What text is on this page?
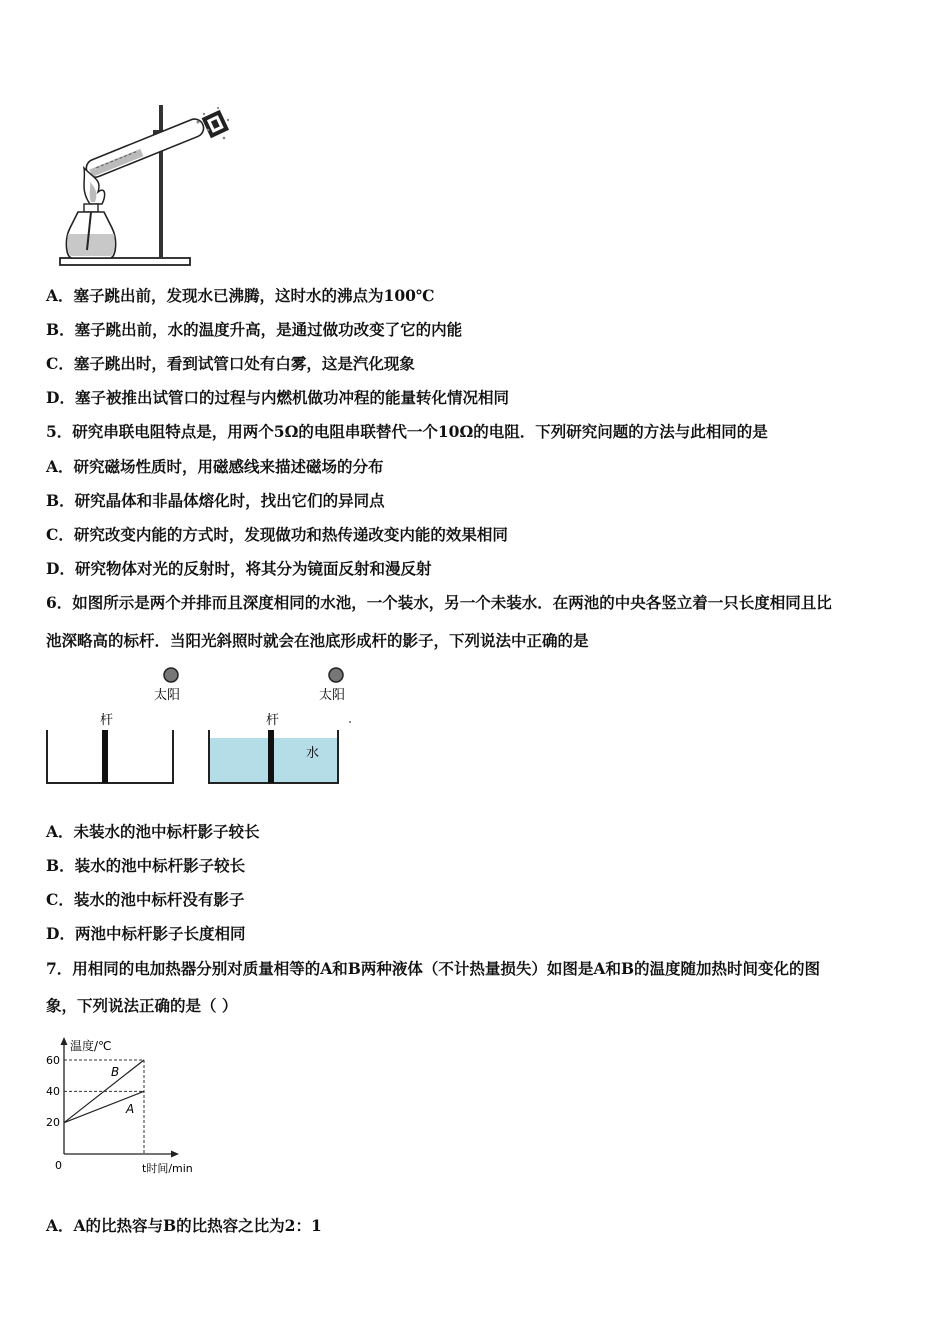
A．塞子跳出前，发现水已沸腾，这时水的沸点为100℃
B．塞子跳出前，水的温度升高，是通过做功改变了它的内能
C．塞子跳出时，看到试管口处有白雾，这是汽化现象
D．塞子被推出试管口的过程与内燃机做功冲程的能量转化情况相同
5．研究串联电阻特点是，用两个5Ω的电阻串联替代一个10Ω的电阻．下列研究问题的方法与此相同的是
A．研究磁场性质时，用磁感线来描述磁场的分布
B．研究晶体和非晶体熔化时，找出它们的异同点
C．研究改变内能的方式时，发现做功和热传递改变内能的效果相同
D．研究物体对光的反射时，将其分为镜面反射和漫反射
6．如图所示是两个并排而且深度相同的水池，一个装水，另一个未装水．在两池的中央各竖立着一只长度相同且比
池深略高的标杆．当阳光斜照时就会在池底形成杆的影子，下列说法中正确的是
太阳
杆
太阳
杆
水
A．未装水的池中标杆影子较长
B．装水的池中标杆影子较长
C．装水的池中标杆没有影子
D．两池中标杆影子长度相同
7．用相同的电加热器分别对质量相等的A和B两种液体（不计热量损失）如图是A和B的温度随加热时间变化的图
象，下列说法正确的是（ ）
温度/℃
t时间/min
0
60
40
20
B
A
A．A的比热容与B的比热容之比为2：1
